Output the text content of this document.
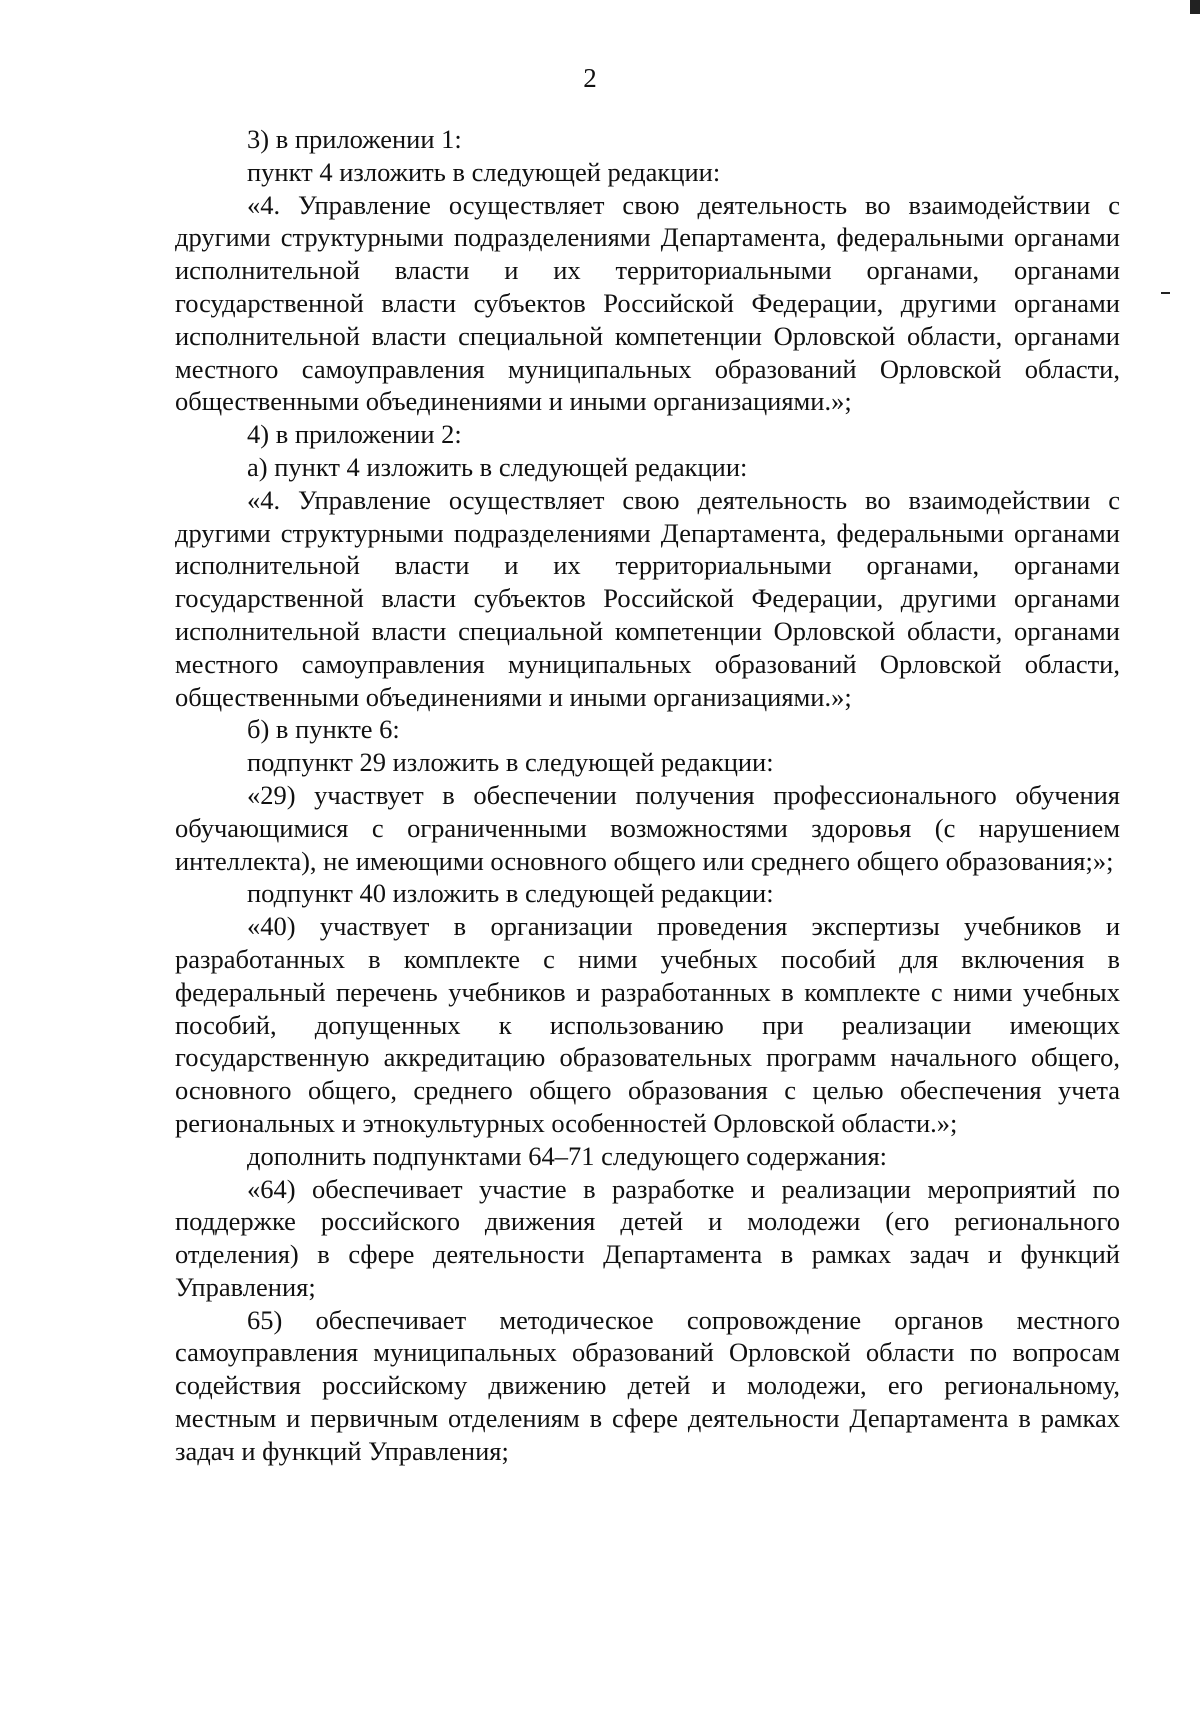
2

3) в приложении 1:

пункт 4 изложить в следующей редакции:

«4. Управление осуществляет свою деятельность во взаимодействии с другими структурными подразделениями Департамента, федеральными органами исполнительной власти и их территориальными органами, органами государственной власти субъектов Российской Федерации, другими органами исполнительной власти специальной компетенции Орловской области, органами местного самоуправления муниципальных образований Орловской области, общественными объединениями и иными организациями.»;

4) в приложении 2:

а) пункт 4 изложить в следующей редакции:

«4. Управление осуществляет свою деятельность во взаимодействии с другими структурными подразделениями Департамента, федеральными органами исполнительной власти и их территориальными органами, органами государственной власти субъектов Российской Федерации, другими органами исполнительной власти специальной компетенции Орловской области, органами местного самоуправления муниципальных образований Орловской области, общественными объединениями и иными организациями.»;

б) в пункте 6:

подпункт 29 изложить в следующей редакции:

«29) участвует в обеспечении получения профессионального обучения обучающимися с ограниченными возможностями здоровья (с нарушением интеллекта), не имеющими основного общего или среднего общего образования;»;

подпункт 40 изложить в следующей редакции:

«40) участвует в организации проведения экспертизы учебников и разработанных в комплекте с ними учебных пособий для включения в федеральный перечень учебников и разработанных в комплекте с ними учебных пособий, допущенных к использованию при реализации имеющих государственную аккредитацию образовательных программ начального общего, основного общего, среднего общего образования с целью обеспечения учета региональных и этнокультурных особенностей Орловской области.»;

дополнить подпунктами 64–71 следующего содержания:

«64) обеспечивает участие в разработке и реализации мероприятий по поддержке российского движения детей и молодежи (его регионального отделения) в сфере деятельности Департамента в рамках задач и функций Управления;

65) обеспечивает методическое сопровождение органов местного самоуправления муниципальных образований Орловской области по вопросам содействия российскому движению детей и молодежи, его региональному, местным и первичным отделениям в сфере деятельности Департамента в рамках задач и функций Управления;
